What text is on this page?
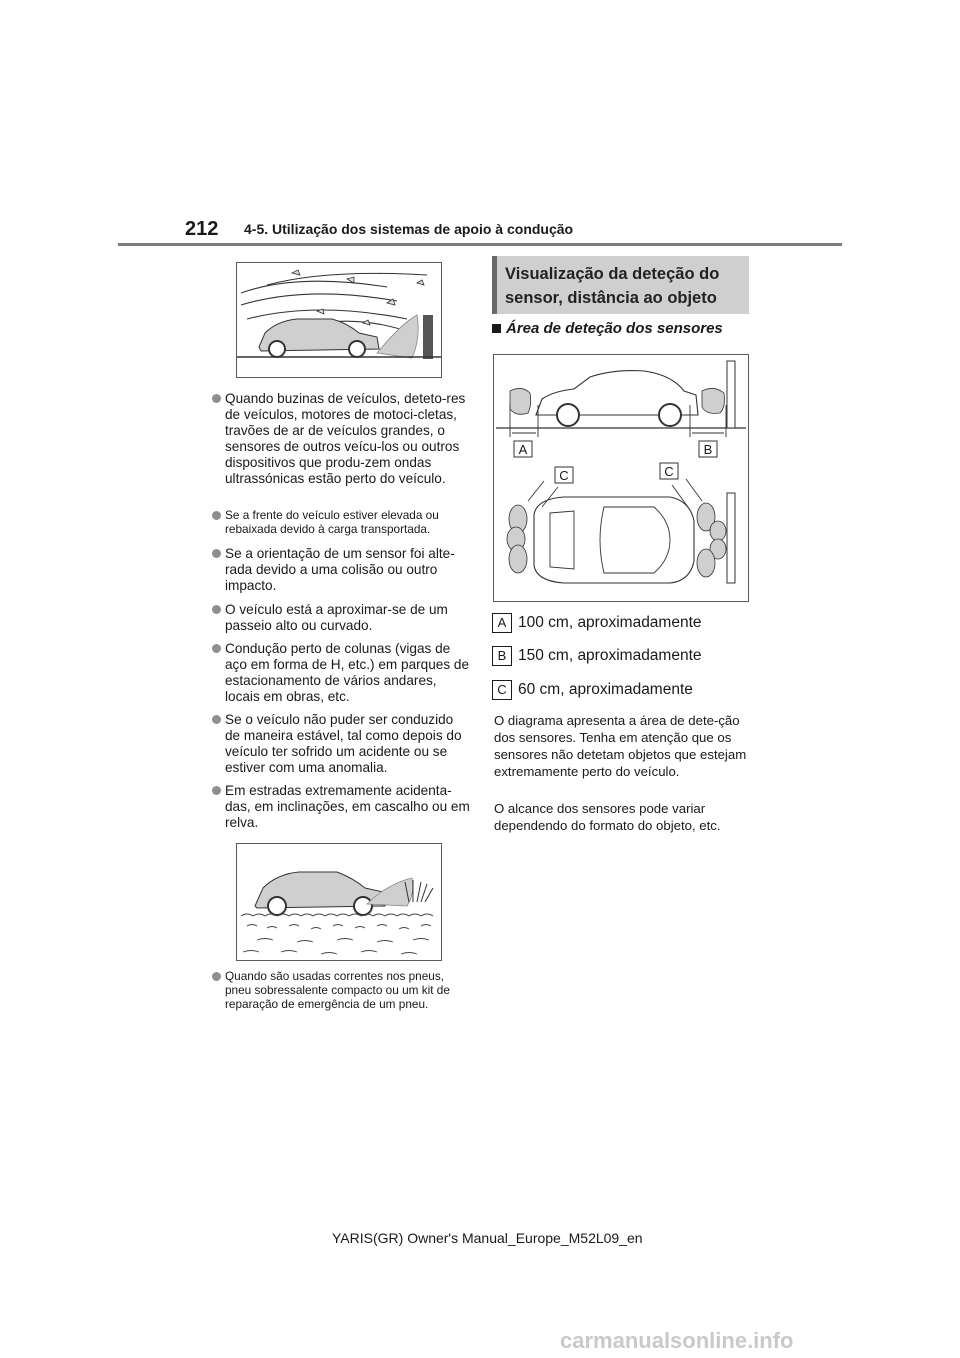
212 4-5. Utilização dos sistemas de apoio à condução
Quando buzinas de veículos, deteto-res de veículos, motores de motoci-cletas, travões de ar de veículos grandes, o sensores de outros veícu-los ou outros dispositivos que produ-zem ondas ultrassónicas estão perto do veículo.
Se a frente do veículo estiver elevada ou rebaixada devido à carga transportada.
Se a orientação de um sensor foi alte-rada devido a uma colisão ou outro impacto.
O veículo está a aproximar-se de um passeio alto ou curvado.
Condução perto de colunas (vigas de aço em forma de H, etc.) em parques de estacionamento de vários andares, locais em obras, etc.
Se o veículo não puder ser conduzido de maneira estável, tal como depois do veículo ter sofrido um acidente ou se estiver com uma anomalia.
Em estradas extremamente acidenta-das, em inclinações, em cascalho ou em relva.
Quando são usadas correntes nos pneus, pneu sobressalente compacto ou um kit de reparação de emergência de um pneu.
Visualização da deteção do sensor, distância ao objeto
Área de deteção dos sensores
A	B
C	C
A 100 cm, aproximadamente
B 150 cm, aproximadamente
C 60 cm, aproximadamente
O diagrama apresenta a área de dete-ção dos sensores. Tenha em atenção que os sensores não detetam objetos que estejam extremamente perto do veículo.
O alcance dos sensores pode variar dependendo do formato do objeto, etc.
YARIS(GR) Owner's Manual_Europe_M52L09_en
carmanualsonline.info
